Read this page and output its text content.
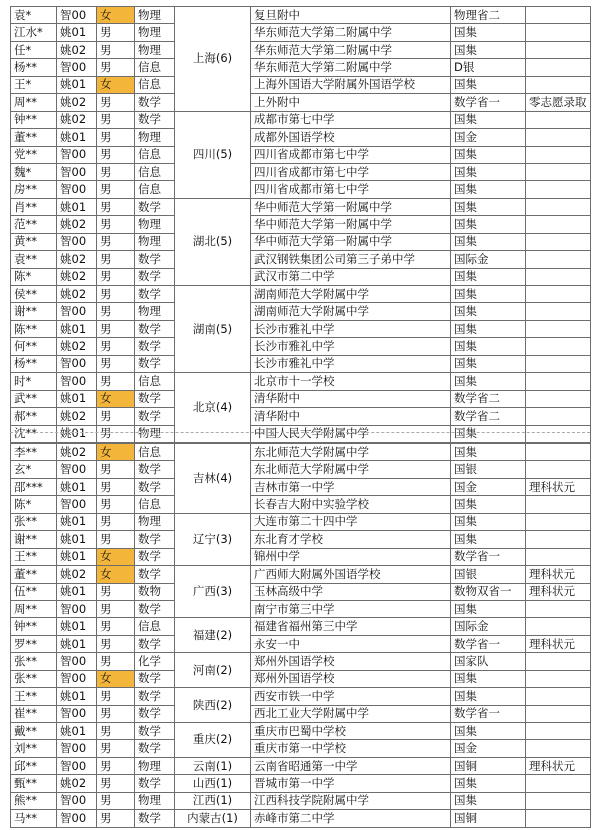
袁*	智00	女	物理	上海(6)	复旦附中	物理省二	
江水*	姚01	男	物理		华东师范大学第二附属中学	国集	
任*	姚02	男	物理		华东师范大学第二附属中学	国集	
杨**	智00	男	信息		华东师范大学第二附属中学	D银	
王*	姚01	女	信息		上海外国语大学附属外国语学校	国集	
周**	姚02	男	数学		上外附中	数学省一	零志愿录取
钟**	姚02	男	数学	四川(5)	成都市第七中学	国集	
董**	姚01	男	物理		成都外国语学校	国金	
党**	智00	男	信息		四川省成都市第七中学	国集	
魏*	智00	男	信息		四川省成都市第七中学	国集	
房**	智00	男	信息		四川省成都市第七中学	国集	
肖**	姚01	男	数学	湖北(5)	华中师范大学第一附属中学	国集	
范**	姚02	男	物理		华中师范大学第一附属中学	国集	
黄**	智00	男	物理		华中师范大学第一附属中学	国集	
袁**	姚02	男	数学		武汉钢铁集团公司第三子弟中学	国际金	
陈*	姚02	男	数学		武汉市第二中学	国集	
侯**	姚02	男	数学	湖南(5)	湖南师范大学附属中学	国集	
谢**	智00	男	物理		湖南师范大学附属中学	国集	
陈**	姚01	男	数学		长沙市雅礼中学	国集	
何**	姚02	男	数学		长沙市雅礼中学	国集	
杨**	智00	男	数学		长沙市雅礼中学	国集	
时*	智00	男	信息	北京(4)	北京市十一学校	国集	
武**	姚01	女	数学		清华附中	数学省二	
郝**	姚02	男	数学		清华附中	数学省二	
沈**	姚01	男	物理		中国人民大学附属中学	国集	
李**	姚02	女	信息	吉林(4)	东北师范大学附属中学	国集	
玄*	智00	男	数学		东北师范大学附属中学	国银	
邵***	姚01	男	数学		吉林市第一中学	国金	理科状元
陈*	智00	男	信息		长春吉大附中实验学校	国集	
张**	姚01	男	物理	辽宁(3)	大连市第二十四中学	国集	
谢**	姚01	男	数学		东北育才学校	国集	
王**	姚01	女	数学		锦州中学	数学省一	
董**	姚02	女	数学	广西(3)	广西师大附属外国语学校	国银	理科状元
伍**	姚01	男	数物		玉林高级中学	数物双省一	理科状元
周**	智00	男	数学		南宁市第三中学	国集	
钟**	姚01	男	信息	福建(2)	福建省福州第三中学	国际金	
罗**	姚01	男	数学		永安一中	数学省一	理科状元
张**	智00	男	化学	河南(2)	郑州外国语学校	国家队	
张**	智00	女	数学		郑州外国语学校	国集	
王**	姚01	男	数学	陕西(2)	西安市铁一中学	国集	
崔**	智00	男	数学		西北工业大学附属中学	数学省一	
戴**	姚01	男	数学	重庆(2)	重庆市巴蜀中学校	国集	
刘**	智00	男	数学		重庆市第一中学校	国金	
邱**	智00	男	物理	云南(1)	云南省昭通第一中学	国铜	理科状元
甄**	姚02	男	数学	山西(1)	晋城市第一中学	国集	
熊**	智00	男	物理	江西(1)	江西科技学院附属中学	国集	
马**	智00	男	数学	内蒙古(1)	赤峰市第二中学	国铜	
